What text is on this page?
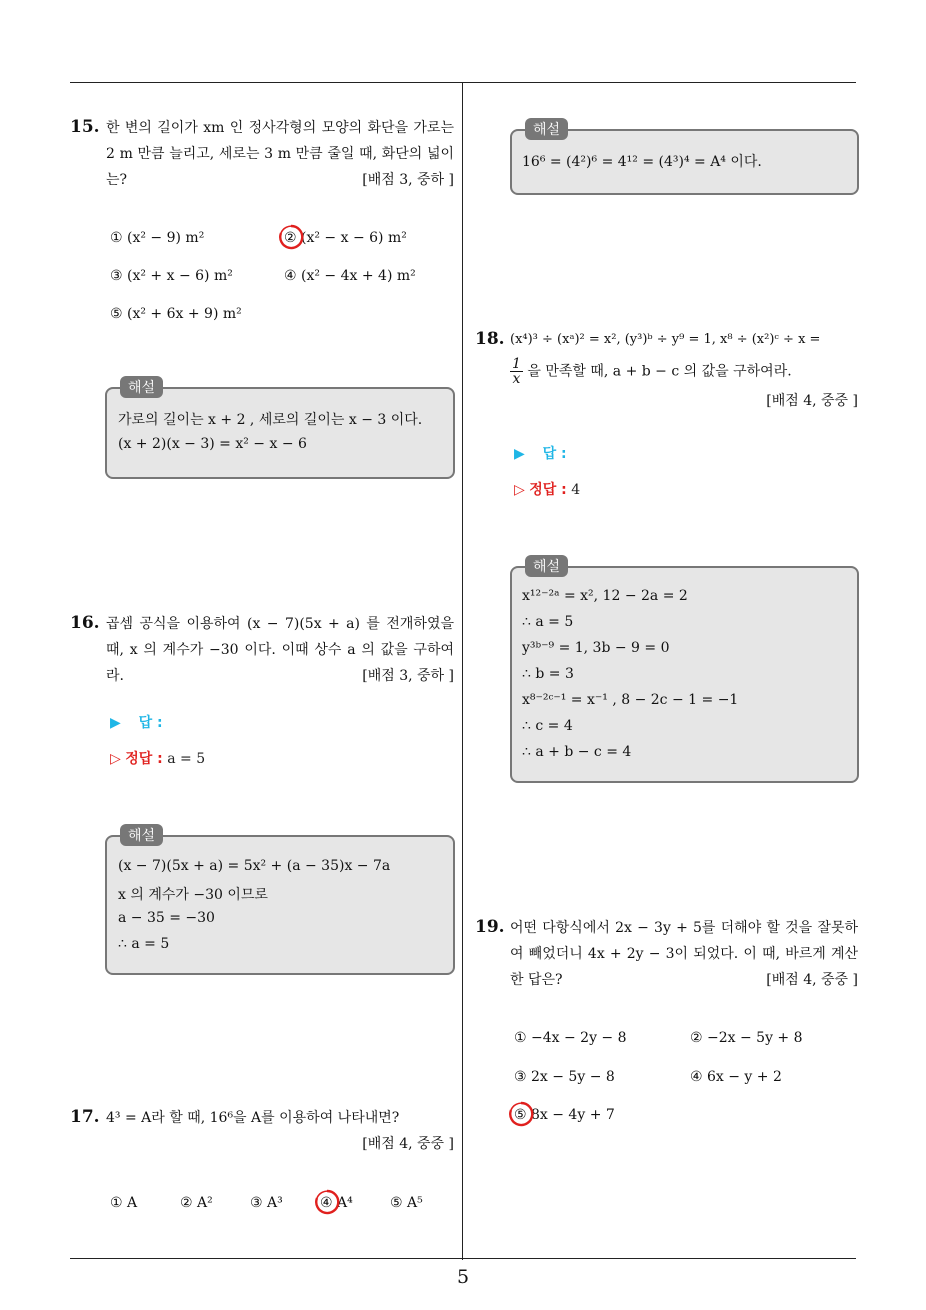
5
15. 한 변의 길이가 xm 인 정사각형의 모양의 화단을 가로는 2 m 만큼 늘리고, 세로는 3 m 만큼 줄일 때, 화단의 넓이는?	[배점 3, 중하 ]
① (x² − 9) m²	② (x² − x − 6) m²
③ (x² + x − 6) m²	④ (x² − 4x + 4) m²
⑤ (x² + 6x + 9) m²
해설
가로의 길이는 x + 2 , 세로의 길이는 x − 3 이다.
(x + 2)(x − 3) = x² − x − 6
16. 곱셈 공식을 이용하여 (x − 7)(5x + a) 를 전개하였을 때, x 의 계수가 −30 이다. 이때 상수 a 의 값을 구하여라.	[배점 3, 중하 ]
▶ 답 :
▷ 정답 : a = 5
해설
(x − 7)(5x + a) = 5x² + (a − 35)x − 7a
x 의 계수가 −30 이므로
a − 35 = −30
∴ a = 5
17. 4³ = A라 할 때, 16⁶을 A를 이용하여 나타내면?
[배점 4, 중중 ]
① A	② A²	③ A³	④ A⁴	⑤ A⁵
해설
16⁶ = (4²)⁶ = 4¹² = (4³)⁴ = A⁴ 이다.
18. (x⁴)³ ÷ (xᵃ)² = x², (y³)ᵇ ÷ y⁹ = 1, x⁸ ÷ (x²)ᶜ ÷ x =
$\frac{1}{x}$ 을 만족할 때, a + b − c 의 값을 구하여라.
[배점 4, 중중 ]
▶ 답 :
▷ 정답 : 4
해설
x¹²⁻²ᵃ = x², 12 − 2a = 2
∴ a = 5
y³ᵇ⁻⁹ = 1, 3b − 9 = 0
∴ b = 3
x⁸⁻²ᶜ⁻¹ = x⁻¹ , 8 − 2c − 1 = −1
∴ c = 4
∴ a + b − c = 4
19. 어떤 다항식에서 2x − 3y + 5를 더해야 할 것을 잘못하여 빼었더니 4x + 2y − 3이 되었다. 이 때, 바르게 계산한 답은?	[배점 4, 중중 ]
① −4x − 2y − 8	② −2x − 5y + 8
③ 2x − 5y − 8	④ 6x − y + 2
⑤ 8x − 4y + 7
